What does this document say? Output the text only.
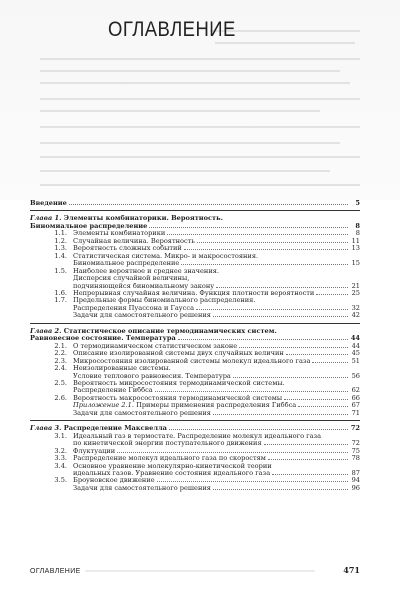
ОГЛАВЛЕНИЕ
Введение	5
Глава 1. Элементы комбинаторики. Вероятность.
Биномиальное распределение	8
1.1. Элементы комбинаторики	8
1.2. Случайная величина. Вероятность	11
1.3. Вероятность сложных событий	13
1.4. Статистическая система. Микро- и макросостояния.
Биномиальное распределение	15
1.5. Наиболее вероятное и среднее значения.
Дисперсия случайной величины,
подчиняющейся биномиальному закону	21
1.6. Непрерывная случайная величина. Функция плотности вероятности	25
1.7. Предельные формы биномиального распределения.
Распределения Пуассона и Гаусса	32
Задачи для самостоятельного решения	42
Глава 2. Статистическое описание термодинамических систем.
Равновесное состояние. Температура	44
2.1. О термодинамическом статистическом законе	44
2.2. Описание изолированной системы двух случайных величин	45
2.3. Микросостояния изолированной системы молекул идеального газа	51
2.4. Неизолированные системы.
Условие теплового равновесия. Температура	56
2.5. Вероятность микросостояния термодинамической системы.
Распределение Гиббса	62
2.6. Вероятность макросостояния термодинамической системы	66
Приложение 2.1. Примеры применения распределения Гиббса	67
Задачи для самостоятельного решения	71
Глава 3. Распределение Максвелла	72
3.1. Идеальный газ в термостате. Распределение молекул идеального газа
по кинетической энергии поступательного движения	72
3.2. Флуктуации	75
3.3. Распределение молекул идеального газа по скоростям	78
3.4. Основное уравнение молекулярно-кинетической теории
идеальных газов. Уравнение состояния идеального газа	87
3.5. Броуновское движение	94
Задачи для самостоятельного решения	96
ОГЛАВЛЕНИЕ	471
